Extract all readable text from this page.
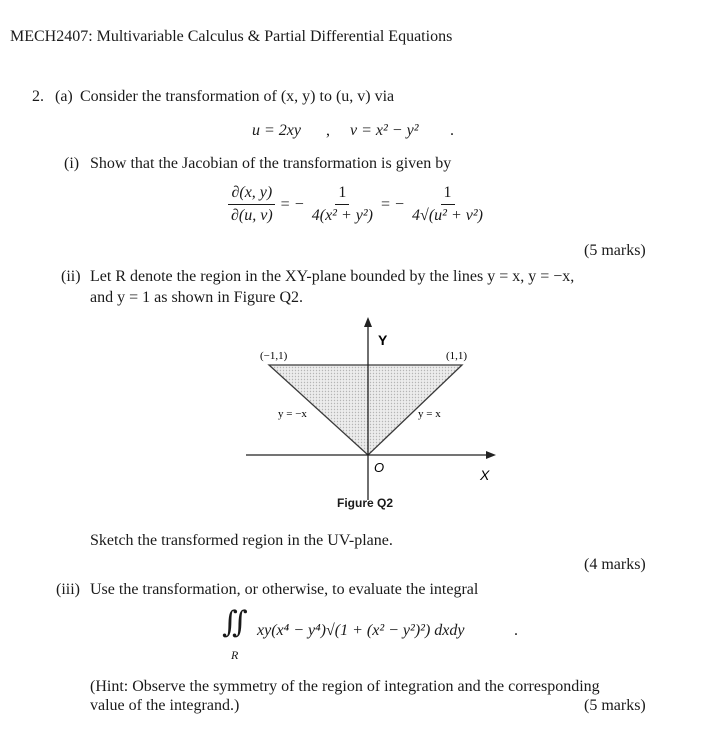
MECH2407: Multivariable Calculus & Partial Differential Equations
2. (a) Consider the transformation of (x, y) to (u, v) via
u = 2xy , v = x² − y² .
(i) Show that the Jacobian of the transformation is given by
$\frac{\partial(x, y)}{\partial(u, v)}$ = − $\frac{1}{\text{4(x² + y²)}}$ = − $\frac{1}{\text{4√(u² + v²)}}$
(5 marks)
(ii) Let R denote the region in the XY-plane bounded by the lines y = x, y = −x,
and y = 1 as shown in Figure Q2.
Y
X
O
(−1,1)	(1,1)
y = −x	y = x
Figure Q2
Sketch the transformed region in the UV-plane.
(4 marks)
(iii) Use the transformation, or otherwise, to evaluate the integral
∬
R
xy(x⁴ − y⁴)√(1 + (x² − y²)²) dxdy	.
(Hint: Observe the symmetry of the region of integration and the corresponding
value of the integrand.)	(5 marks)
